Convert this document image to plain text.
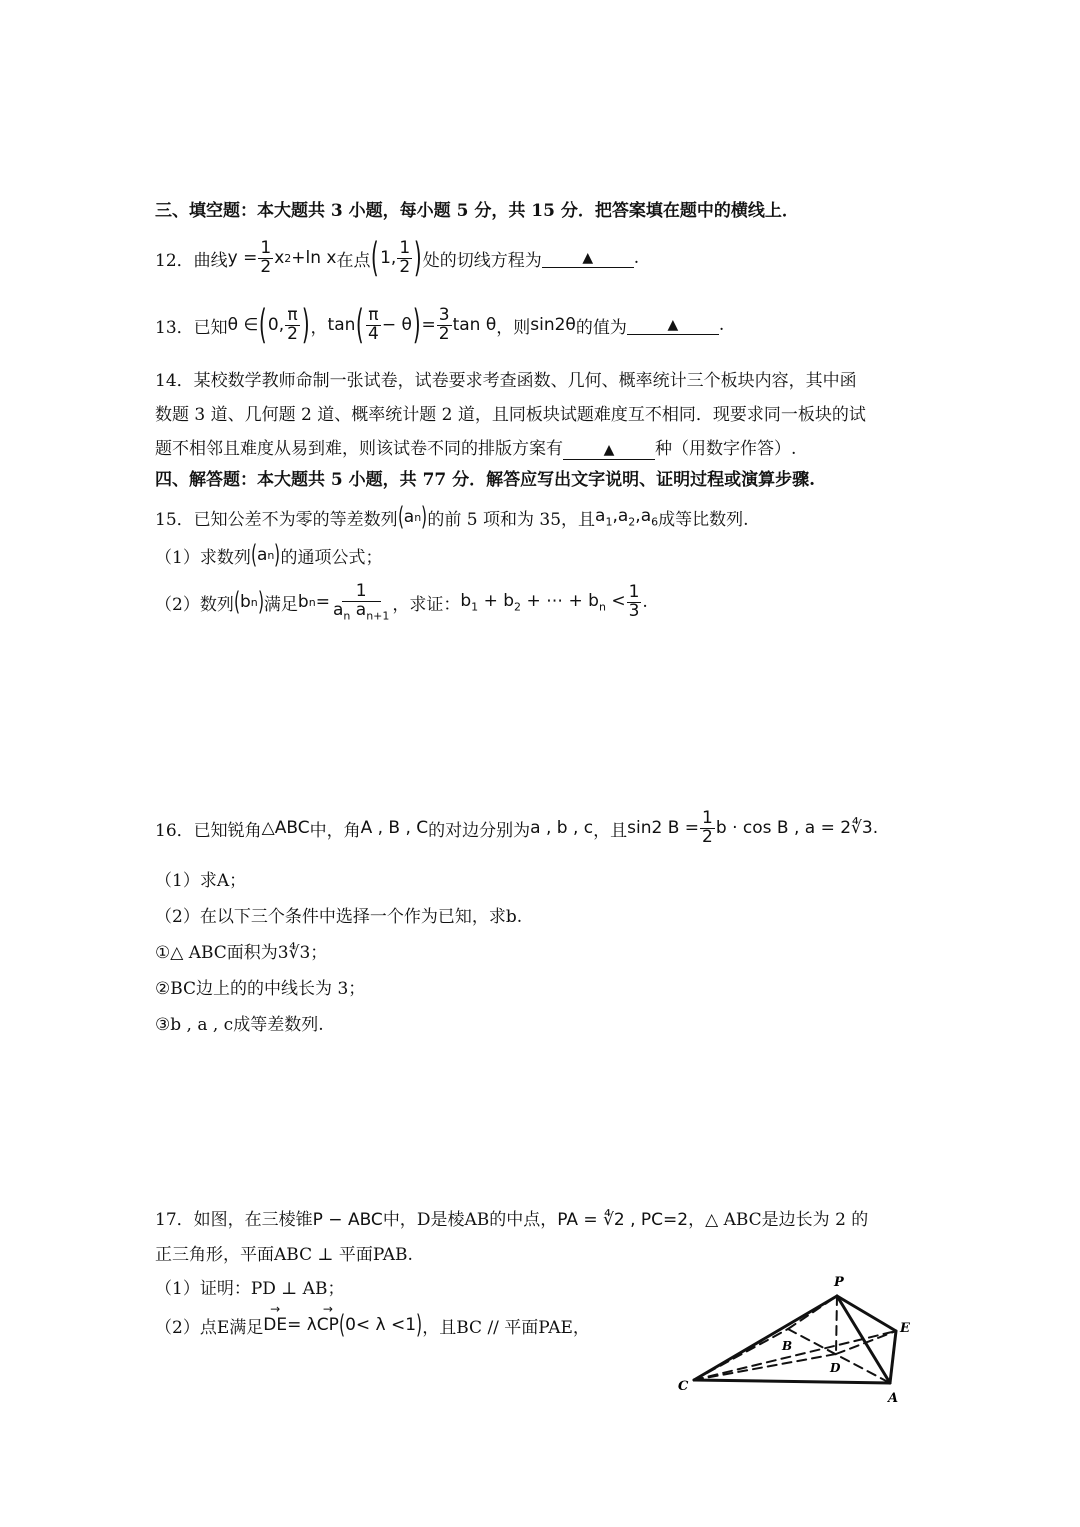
三、填空题：本大题共 3 小题，每小题 5 分，共 15 分．把答案填在题中的横线上．
12． 曲线 $y = \frac{1}{2}$ x 2 +ln x 在点 ( 1, $\frac{1}{2}$ ) 处的切线方程为	▲	.
13． 已知 θ ∈ ( 0, $\frac{\pi}{2}$ ) ， tan ( $\frac{\pi}{4} - \theta$ ) = $\frac{3}{2}$ tan θ ，则 sin2θ 的值为	▲	.
14．某校数学教师命制一张试卷，试卷要求考查函数、几何、概率统计三个板块内容，其中函
数题 3 道、几何题 2 道、概率统计题 2 道，且同板块试题难度互不相同．现要求同一板块的试
题不相邻且难度从易到难，则该试卷不同的排版方案有	▲ 种（用数字作答）.
四、解答题：本大题共 5 小题，共 77 分．解答应写出文字说明、证明过程或演算步骤.
15．已知公差不为零的等差数列 ( a n ) 的前 5 项和为 35，且 $a_1$, $a_2$, $a_6$ 成等比数列.
（1）求数列 ( a n ) 的通项公式；
（2）数列 ( b n ) 满足 b $n = \frac{1}{a_n a_{n+1}}$ ，求证： $b_1 + b_2$ + ⋯ + $b_n < \frac{1}{3}$ .
16．已知锐角 △ABC 中，角 A , B , C 的对边分别为 a , b , c ，且 sin2 $B = \frac{1}{2}$ b · cos B , a = 2∜3.
（1）求A；
（2）在以下三个条件中选择一个作为已知，求b.
①△ ABC面积为3∜3；
②BC边上的的中线长为 3；
③b , a , c成等差数列.
17．如图，在三棱锥P − ABC中，D是棱AB的中点，PA = ∜2 , PC=2，△ ABC是边长为 2 的
正三角形，平面ABC ⊥ 平面PAB.
（1）证明：PD ⊥ AB；
（2）点E满足 → DE = λ → CP ( 0< λ <1 ) ，且BC // 平面PAE，
P
E
B
D
C
A
